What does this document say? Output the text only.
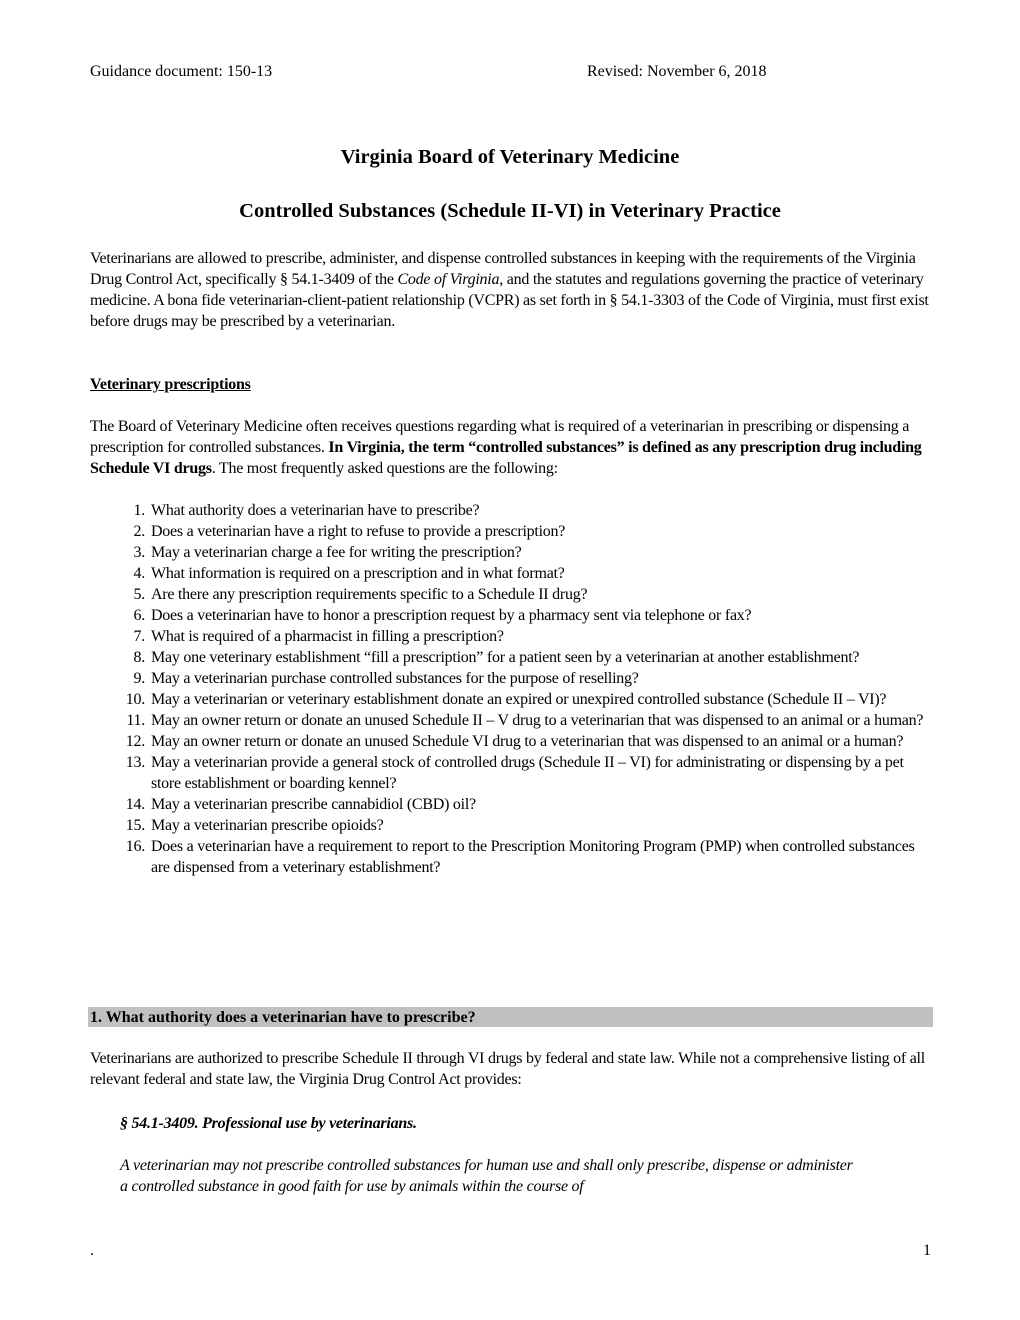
Guidance document: 150-13	Revised: November 6, 2018
Virginia Board of Veterinary Medicine
Controlled Substances (Schedule II-VI) in Veterinary Practice
Veterinarians are allowed to prescribe, administer, and dispense controlled substances in keeping with the requirements of the Virginia Drug Control Act, specifically § 54.1-3409 of the Code of Virginia, and the statutes and regulations governing the practice of veterinary medicine. A bona fide veterinarian-client-patient relationship (VCPR) as set forth in § 54.1-3303 of the Code of Virginia, must first exist before drugs may be prescribed by a veterinarian.
Veterinary prescriptions
The Board of Veterinary Medicine often receives questions regarding what is required of a veterinarian in prescribing or dispensing a prescription for controlled substances. In Virginia, the term “controlled substances” is defined as any prescription drug including Schedule VI drugs. The most frequently asked questions are the following:
1. What authority does a veterinarian have to prescribe?
2. Does a veterinarian have a right to refuse to provide a prescription?
3. May a veterinarian charge a fee for writing the prescription?
4. What information is required on a prescription and in what format?
5. Are there any prescription requirements specific to a Schedule II drug?
6. Does a veterinarian have to honor a prescription request by a pharmacy sent via telephone or fax?
7. What is required of a pharmacist in filling a prescription?
8. May one veterinary establishment “fill a prescription” for a patient seen by a veterinarian at another establishment?
9. May a veterinarian purchase controlled substances for the purpose of reselling?
10. May a veterinarian or veterinary establishment donate an expired or unexpired controlled substance (Schedule II – VI)?
11. May an owner return or donate an unused Schedule II – V drug to a veterinarian that was dispensed to an animal or a human?
12. May an owner return or donate an unused Schedule VI drug to a veterinarian that was dispensed to an animal or a human?
13. May a veterinarian provide a general stock of controlled drugs (Schedule II – VI) for administrating or dispensing by a pet store establishment or boarding kennel?
14. May a veterinarian prescribe cannabidiol (CBD) oil?
15. May a veterinarian prescribe opioids?
16. Does a veterinarian have a requirement to report to the Prescription Monitoring Program (PMP) when controlled substances are dispensed from a veterinary establishment?
1. What authority does a veterinarian have to prescribe?
Veterinarians are authorized to prescribe Schedule II through VI drugs by federal and state law. While not a comprehensive listing of all relevant federal and state law, the Virginia Drug Control Act provides:
§ 54.1-3409. Professional use by veterinarians.
A veterinarian may not prescribe controlled substances for human use and shall only prescribe, dispense or administer a controlled substance in good faith for use by animals within the course of
.	1
